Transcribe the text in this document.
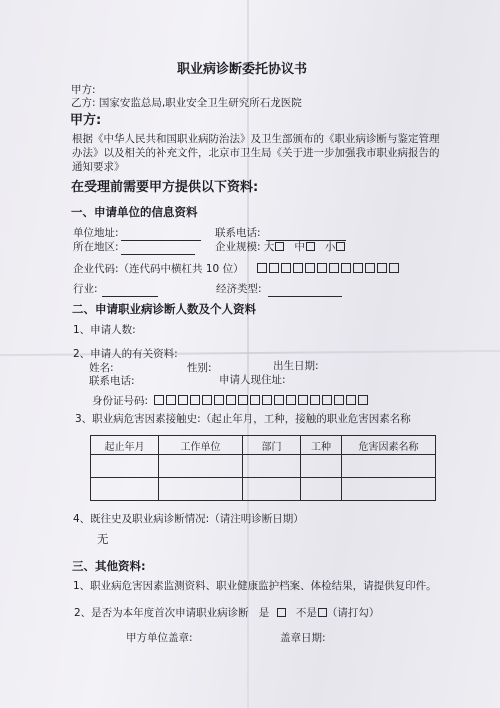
职业病诊断委托协议书
甲方:
乙方: 国家安监总局,职业安全卫生研究所石龙医院
甲方:
根据《中华人民共和国职业病防治法》及卫生部颁布的《职业病诊断与鉴定管理
办法》以及相关的补充文件，北京市卫生局《关于进一步加强我市职业病报告的
通知要求》
在受理前需要甲方提供以下资料:
一、申请单位的信息资料
单位地址:	联系电话:
所在地区:	企业规模: 大 中 小
企业代码:（连代码中横杠共 10 位）
行业:	经济类型:
二、申请职业病诊断人数及个人资料
1、申请人数:
2、申请人的有关资料:
姓名:	性别:	出生日期:
联系电话:	申请人现住址:
身份证号码:
3、职业病危害因素接触史:（起止年月，工种，接触的职业危害因素名称
起止年月	工作单位	部门	工种	危害因素名称

4、既往史及职业病诊断情况:（请注明诊断日期）
无
三、其他资料:
1、职业病危害因素监测资料、职业健康监护档案、体检结果，请提供复印件。
2、是否为本年度首次申请职业病诊断 是	不是 （请打勾）
甲方单位盖章:	盖章日期:
